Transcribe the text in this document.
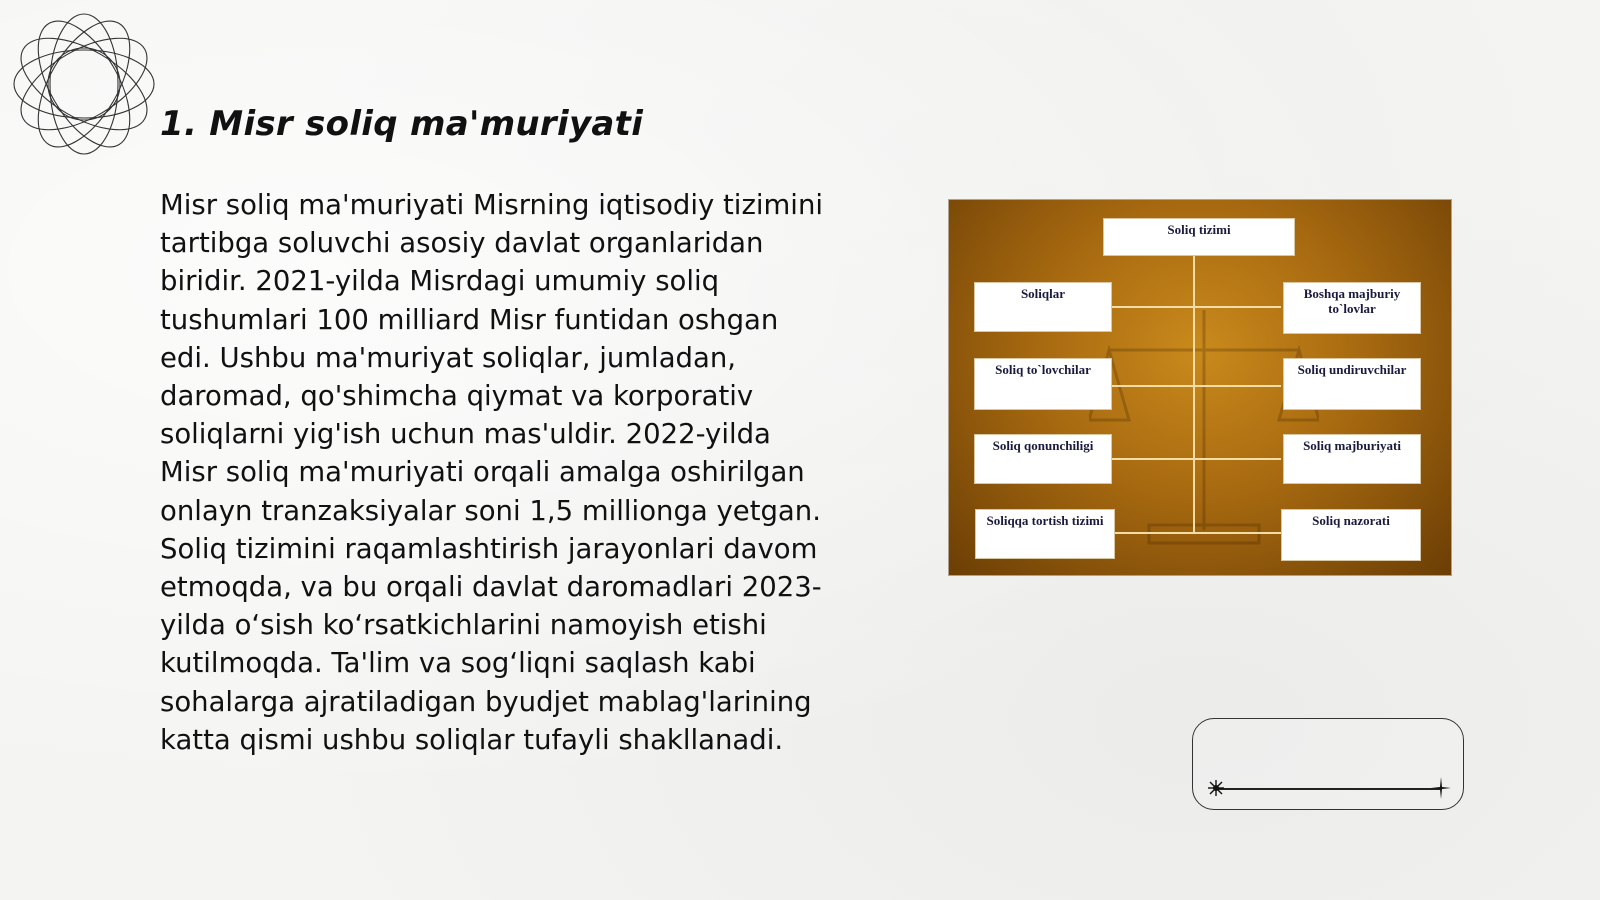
1. Misr soliq ma'muriyati
Misr soliq ma'muriyati Misrning iqtisodiy tizimini tartibga soluvchi asosiy davlat organlaridan biridir. 2021-yilda Misrdagi umumiy soliq tushumlari 100 milliard Misr funtidan oshgan edi. Ushbu ma'muriyat soliqlar, jumladan, daromad, qo'shimcha qiymat va korporativ soliqlarni yig'ish uchun mas'uldir. 2022-yilda Misr soliq ma'muriyati orqali amalga oshirilgan onlayn tranzaksiyalar soni 1,5 millionga yetgan. Soliq tizimini raqamlashtirish jarayonlari davom etmoqda, va bu orqali davlat daromadlari 2023-yilda o‘sish ko‘rsatkichlarini namoyish etishi kutilmoqda. Ta'lim va sog‘liqni saqlash kabi sohalarga ajratiladigan byudjet mablag'larining katta qismi ushbu soliqlar tufayli shakllanadi.
Soliq tizimi
Soliqlar
Soliq to`lovchilar
Soliq qonunchiligi
Soliqqa tortish tizimi
Boshqa majburiy to`lovlar
Soliq undiruvchilar
Soliq majburiyati
Soliq nazorati
